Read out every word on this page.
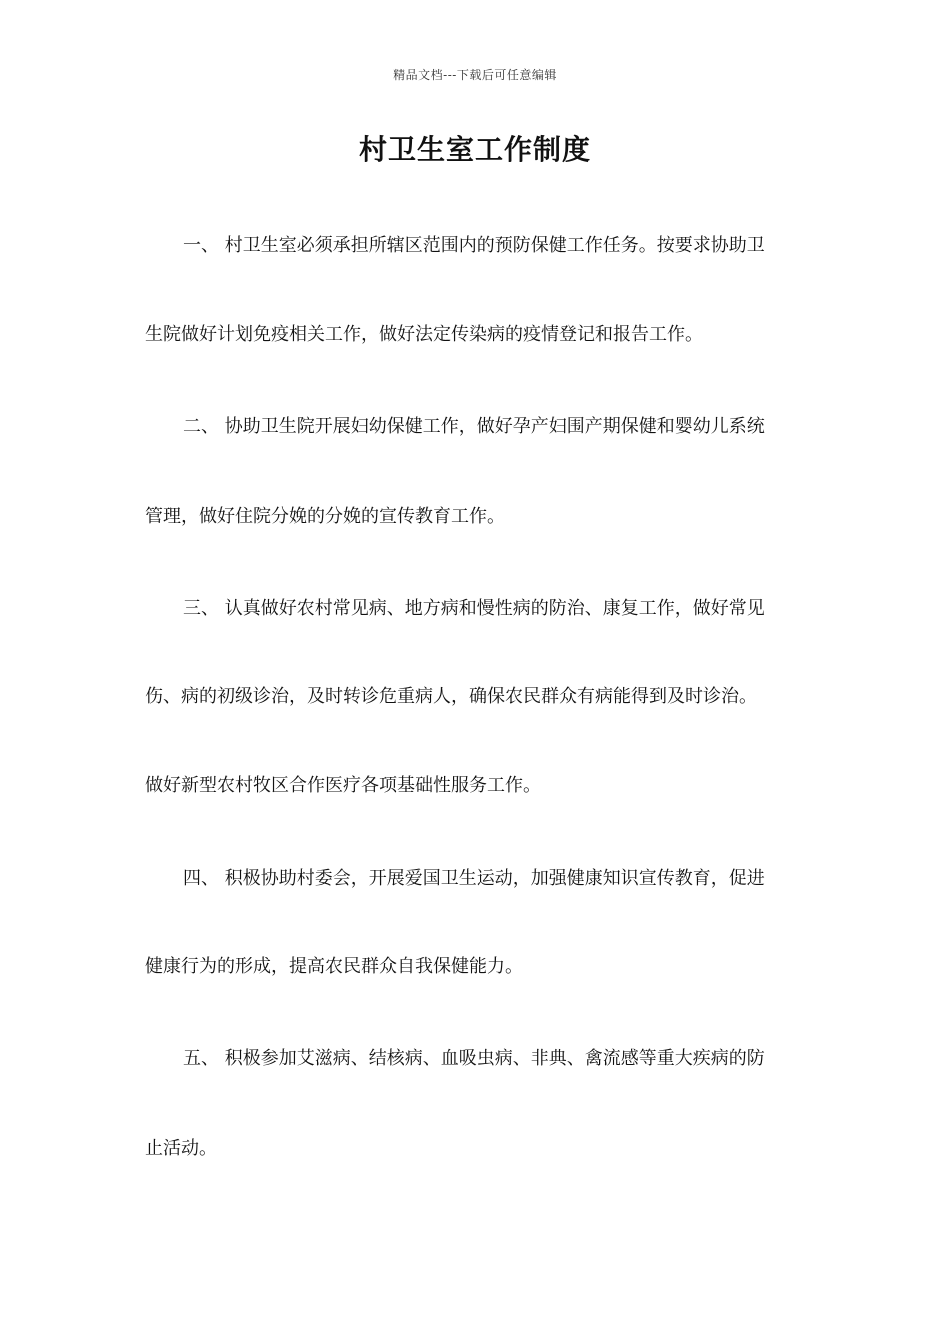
精品文档---下载后可任意编辑
村卫生室工作制度
一、 村卫生室必须承担所辖区范围内的预防保健工作任务。按要求协助卫
生院做好计划免疫相关工作，做好法定传染病的疫情登记和报告工作。
二、 协助卫生院开展妇幼保健工作，做好孕产妇围产期保健和婴幼儿系统
管理，做好住院分娩的分娩的宣传教育工作。
三、 认真做好农村常见病、地方病和慢性病的防治、康复工作，做好常见
伤、病的初级诊治，及时转诊危重病人，确保农民群众有病能得到及时诊治。
做好新型农村牧区合作医疗各项基础性服务工作。
四、 积极协助村委会，开展爱国卫生运动，加强健康知识宣传教育，促进
健康行为的形成，提高农民群众自我保健能力。
五、 积极参加艾滋病、结核病、血吸虫病、非典、禽流感等重大疾病的防
止活动。
